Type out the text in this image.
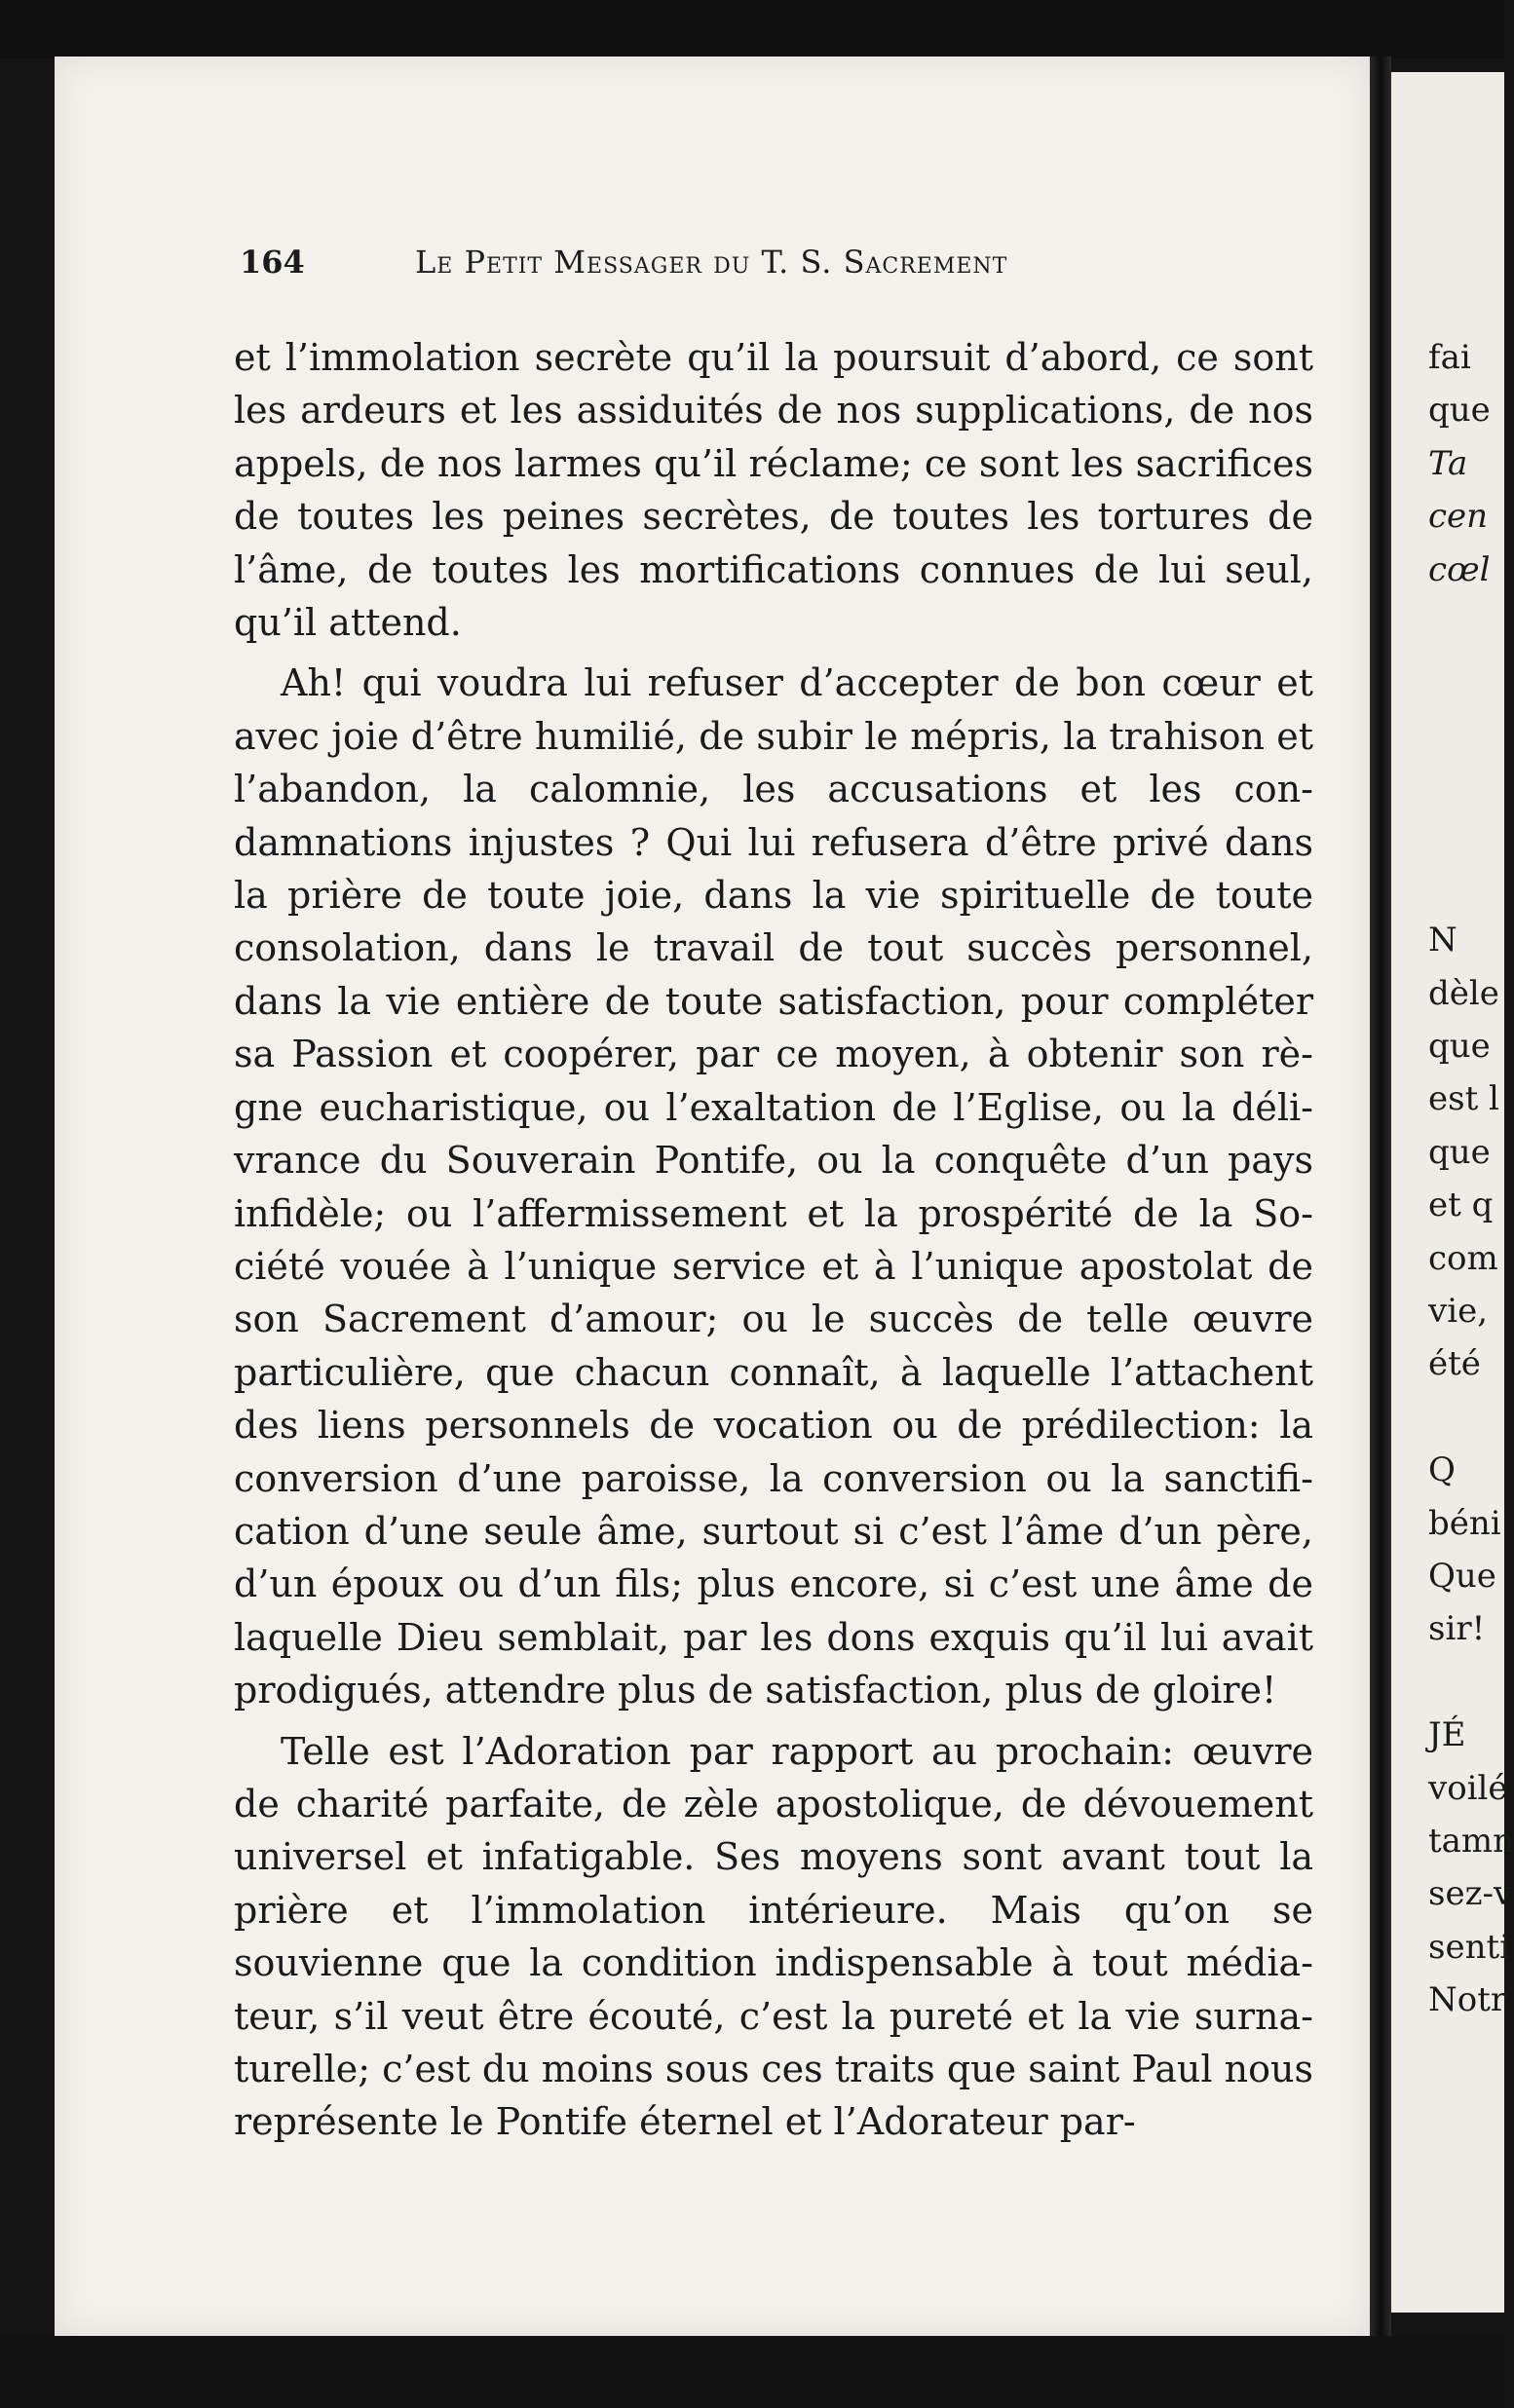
164	Le Petit Messager du T. S. Sacrement

et l’immolation secrète qu’il la poursuit d’abord, ce sont les ardeurs et les assiduités de nos supplications, de nos appels, de nos larmes qu’il réclame; ce sont les sacrifices de toutes les peines secrètes, de toutes les tortures de l’âme, de toutes les mortifications connues de lui seul, qu’il attend.

Ah! qui voudra lui refuser d’accepter de bon cœur et avec joie d’être humilié, de subir le mépris, la trahison et l’abandon, la calomnie, les accusations et les condamnations injustes ? Qui lui refusera d’être privé dans la prière de toute joie, dans la vie spirituelle de toute consolation, dans le travail de tout succès personnel, dans la vie entière de toute satisfaction, pour compléter sa Passion et coopérer, par ce moyen, à obtenir son règne eucharistique, ou l’exaltation de l’Eglise, ou la délivrance du Souverain Pontife, ou la conquête d’un pays infidèle; ou l’affermissement et la prospérité de la Société vouée à l’unique service et à l’unique apostolat de son Sacrement d’amour; ou le succès de telle œuvre particulière, que chacun connaît, à laquelle l’attachent des liens personnels de vocation ou de prédilection: la conversion d’une paroisse, la conversion ou la sanctification d’une seule âme, surtout si c’est l’âme d’un père, d’un époux ou d’un fils; plus encore, si c’est une âme de laquelle Dieu semblait, par les dons exquis qu’il lui avait prodigués, attendre plus de satisfaction, plus de gloire!

Telle est l’Adoration par rapport au prochain: œuvre de charité parfaite, de zèle apostolique, de dévouement universel et infatigable. Ses moyens sont avant tout la prière et l’immolation intérieure. Mais qu’on se souvienne que la condition indispensable à tout médiateur, s’il veut être écouté, c’est la pureté et la vie surnaturelle; c’est du moins sous ces traits que saint Paul nous représente le Pontife éternel et l’Adorateur par-

fai
que
Ta
cen
cœl
N
dèle
que
est l
que
et q
com
vie,
été
Q
béni
Que
sir!
JÉ
voilé
tamn
sez-v
senti
Notr
